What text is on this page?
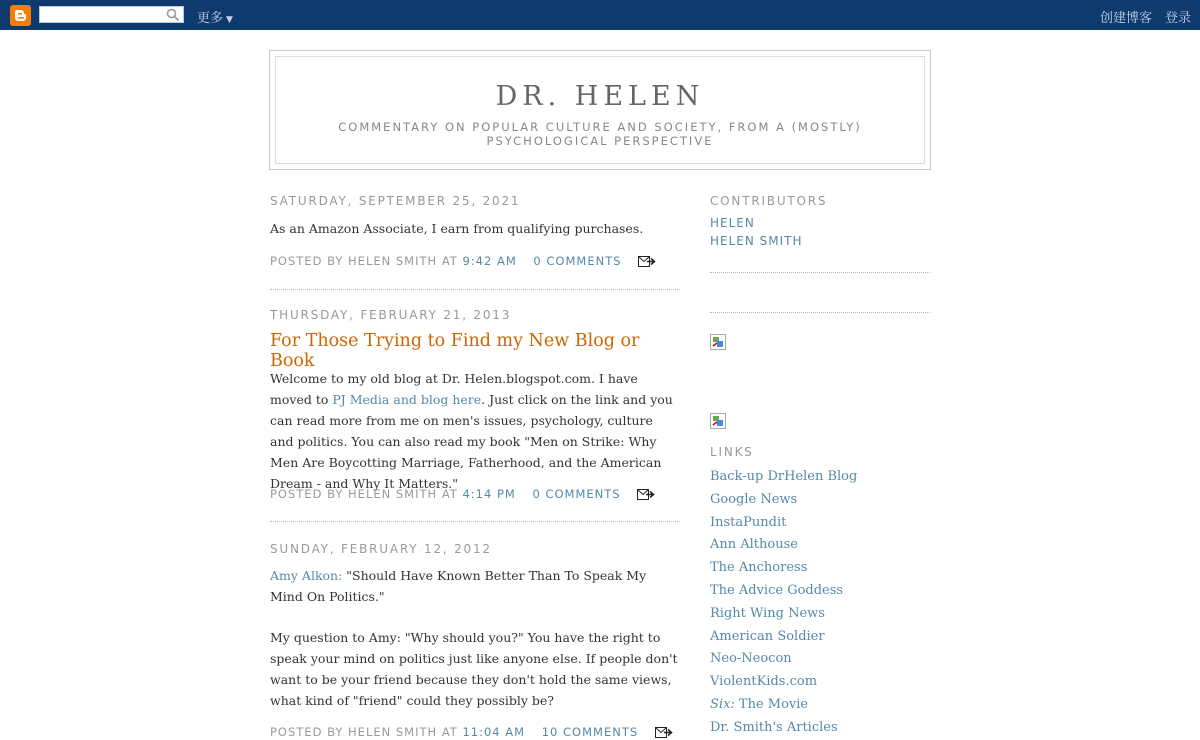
更多 ▼	创建博客 登录
DR. HELEN
COMMENTARY ON POPULAR CULTURE AND SOCIETY, FROM A (MOSTLY) PSYCHOLOGICAL PERSPECTIVE
SATURDAY, SEPTEMBER 25, 2021
As an Amazon Associate, I earn from qualifying purchases.
POSTED BY HELEN SMITH AT 9:42 AM 0 COMMENTS
THURSDAY, FEBRUARY 21, 2013
For Those Trying to Find my New Blog or Book
Welcome to my old blog at Dr. Helen.blogspot.com. I have moved to PJ Media and blog here. Just click on the link and you can read more from me on men's issues, psychology, culture and politics. You can also read my book "Men on Strike: Why Men Are Boycotting Marriage, Fatherhood, and the American Dream - and Why It Matters."
POSTED BY HELEN SMITH AT 4:14 PM 0 COMMENTS
SUNDAY, FEBRUARY 12, 2012
Amy Alkon: "Should Have Known Better Than To Speak My Mind On Politics."
My question to Amy: "Why should you?" You have the right to speak your mind on politics just like anyone else. If people don't want to be your friend because they don't hold the same views, what kind of "friend" could they possibly be?
POSTED BY HELEN SMITH AT 11:04 AM 10 COMMENTS
CONTRIBUTORS
HELEN
HELEN SMITH
LINKS
Back-up DrHelen Blog
Google News
InstaPundit
Ann Althouse
The Anchoress
The Advice Goddess
Right Wing News
American Soldier
Neo-Neocon
ViolentKids.com
Six: The Movie
Dr. Smith's Articles
